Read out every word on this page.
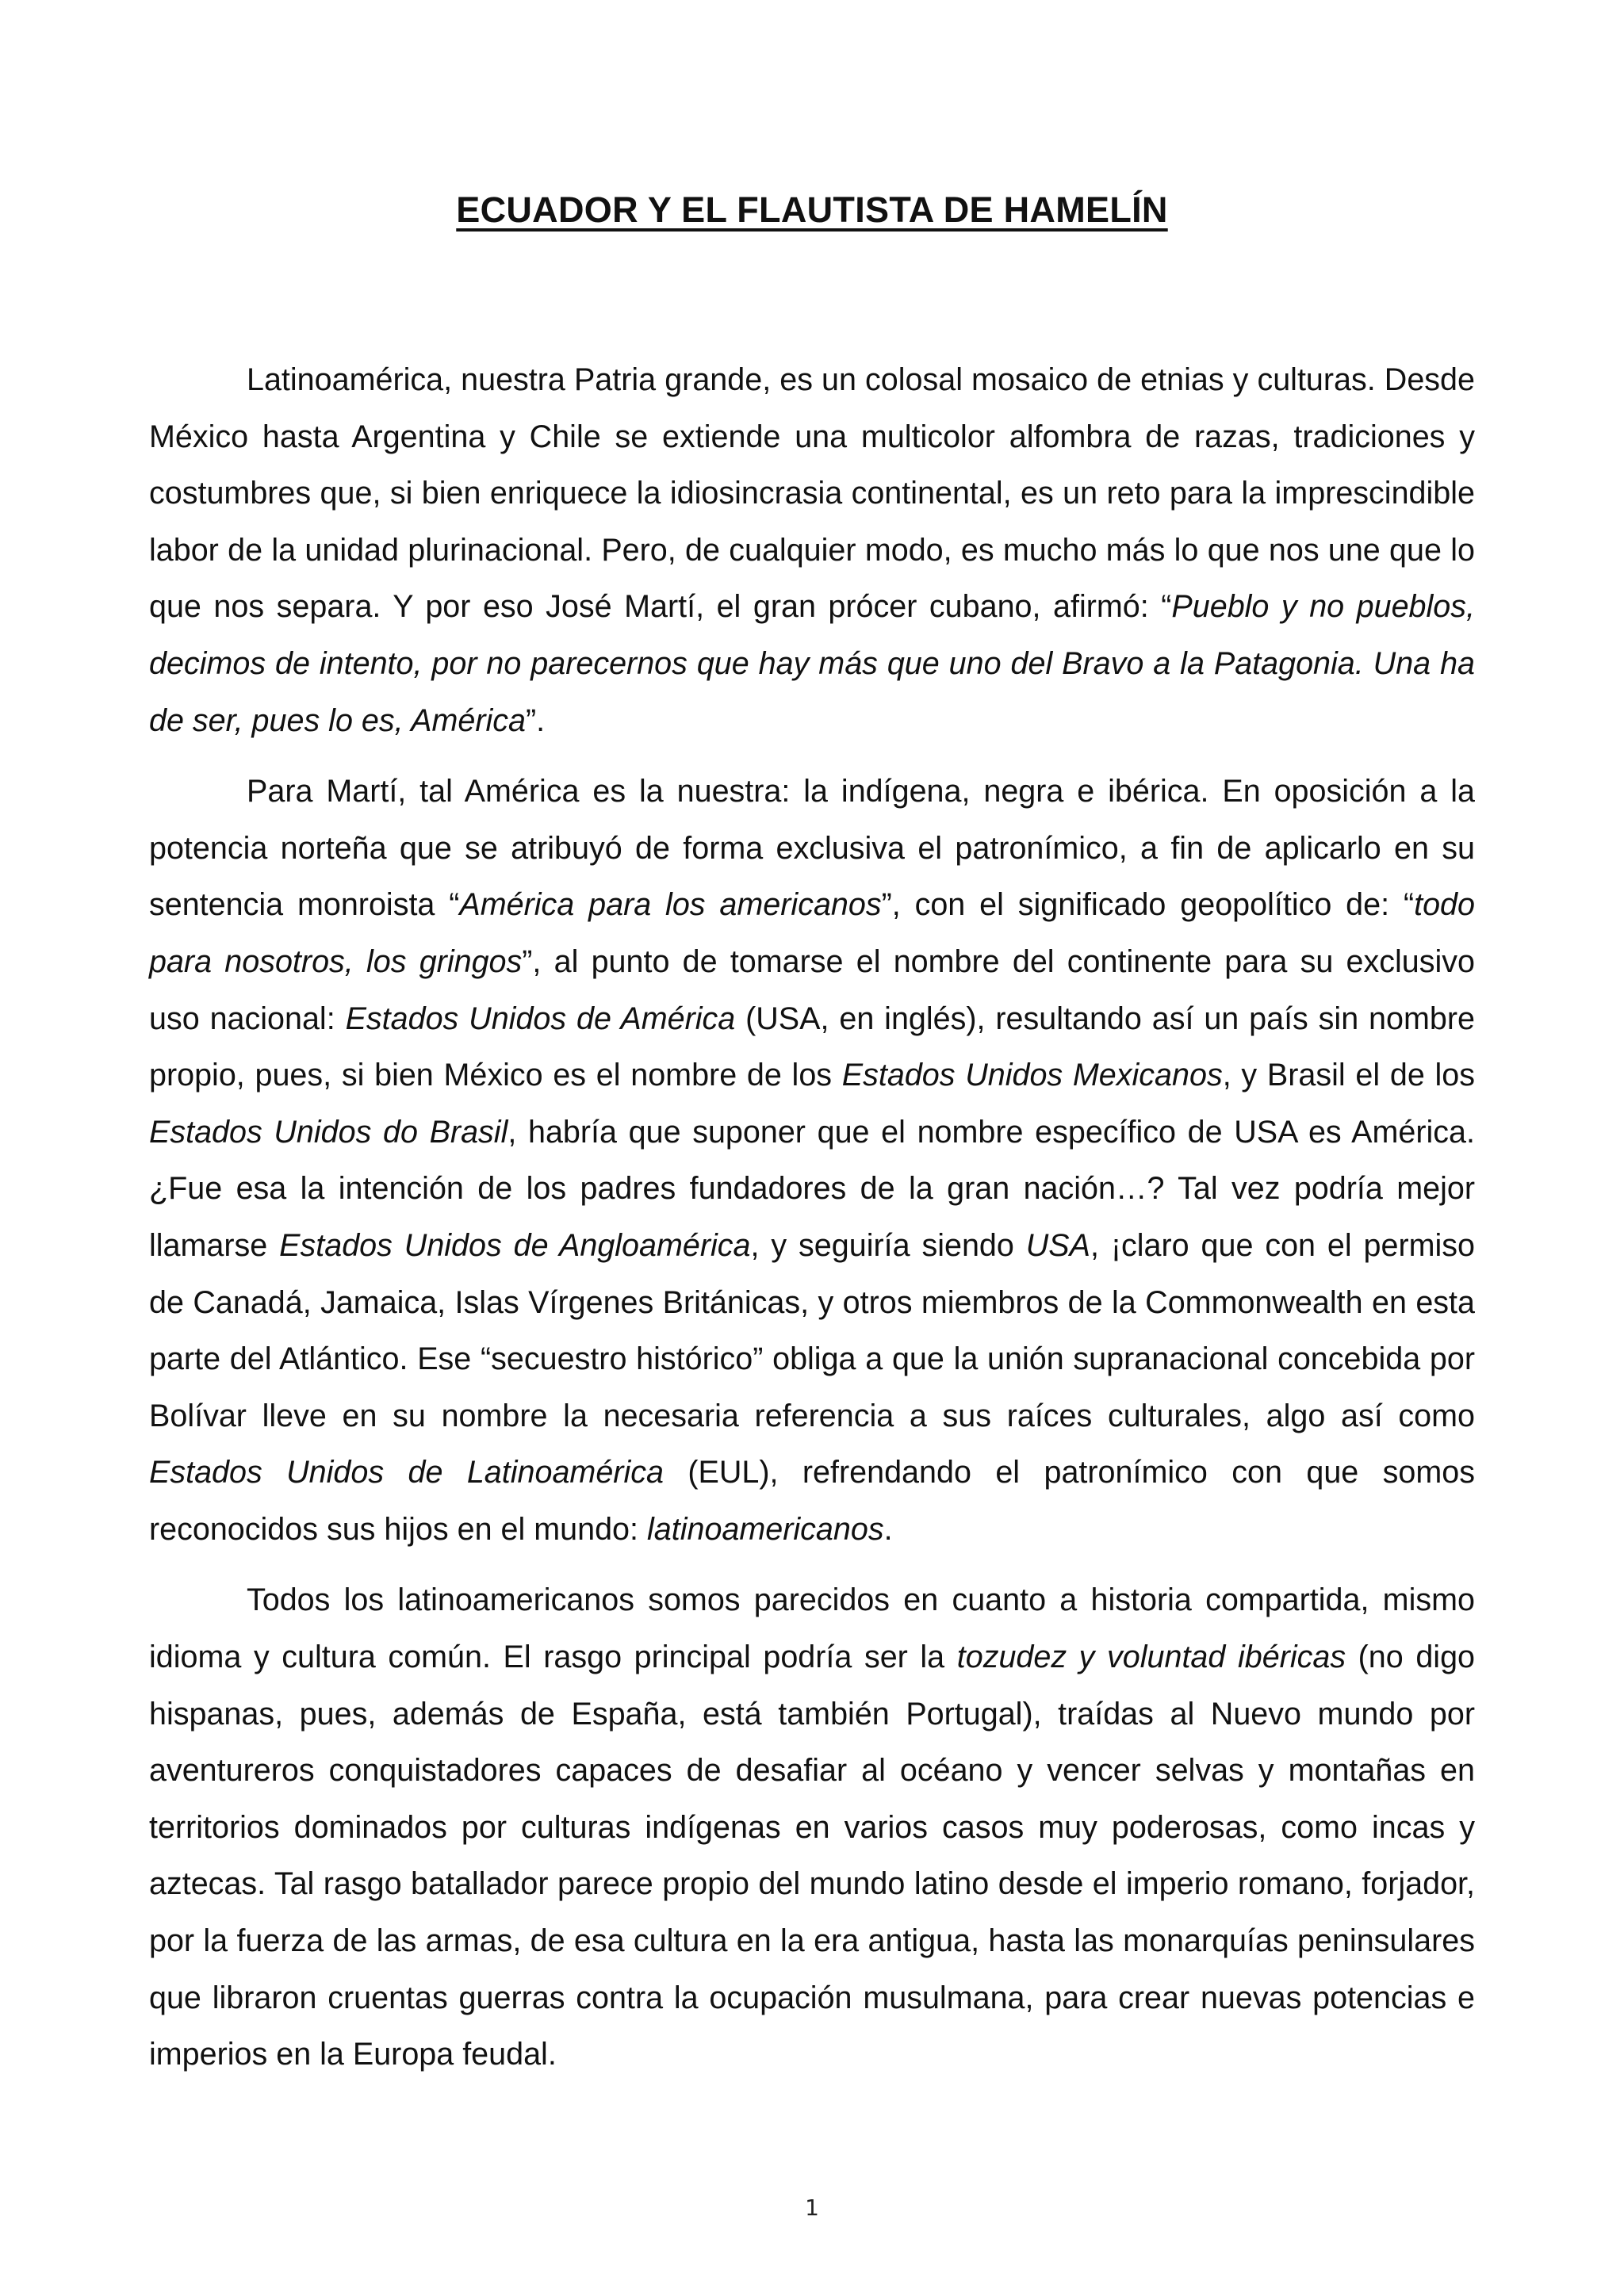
ECUADOR Y EL FLAUTISTA DE HAMELÍN

Latinoamérica, nuestra Patria grande, es un colosal mosaico de etnias y culturas. Desde México hasta Argentina y Chile se extiende una multicolor alfombra de razas, tradiciones y costumbres que, si bien enriquece la idiosincrasia continental, es un reto para la imprescindible labor de la unidad plurinacional. Pero, de cualquier modo, es mucho más lo que nos une que lo que nos separa. Y por eso José Martí, el gran prócer cubano, afirmó: “Pueblo y no pueblos, decimos de intento, por no parecernos que hay más que uno del Bravo a la Patagonia. Una ha de ser, pues lo es, América”.

Para Martí, tal América es la nuestra: la indígena, negra e ibérica. En oposición a la potencia norteña que se atribuyó de forma exclusiva el patronímico, a fin de aplicarlo en su sentencia monroista “América para los americanos”, con el significado geopolítico de: “todo para nosotros, los gringos”, al punto de tomarse el nombre del continente para su exclusivo uso nacional: Estados Unidos de América (USA, en inglés), resultando así un país sin nombre propio, pues, si bien México es el nombre de los Estados Unidos Mexicanos, y Brasil el de los Estados Unidos do Brasil, habría que suponer que el nombre específico de USA es América. ¿Fue esa la intención de los padres fundadores de la gran nación…? Tal vez podría mejor llamarse Estados Unidos de Angloamérica, y seguiría siendo USA, ¡claro que con el permiso de Canadá, Jamaica, Islas Vírgenes Británicas, y otros miembros de la Commonwealth en esta parte del Atlántico. Ese “secuestro histórico” obliga a que la unión supranacional concebida por Bolívar lleve en su nombre la necesaria referencia a sus raíces culturales, algo así como Estados Unidos de Latinoamérica (EUL), refrendando el patronímico con que somos reconocidos sus hijos en el mundo: latinoamericanos.

Todos los latinoamericanos somos parecidos en cuanto a historia compartida, mismo idioma y cultura común. El rasgo principal podría ser la tozudez y voluntad ibéricas (no digo hispanas, pues, además de España, está también Portugal), traídas al Nuevo mundo por aventureros conquistadores capaces de desafiar al océano y vencer selvas y montañas en territorios dominados por culturas indígenas en varios casos muy poderosas, como incas y aztecas. Tal rasgo batallador parece propio del mundo latino desde el imperio romano, forjador, por la fuerza de las armas, de esa cultura en la era antigua, hasta las monarquías peninsulares que libraron cruentas guerras contra la ocupación musulmana, para crear nuevas potencias e imperios en la Europa feudal.

1
